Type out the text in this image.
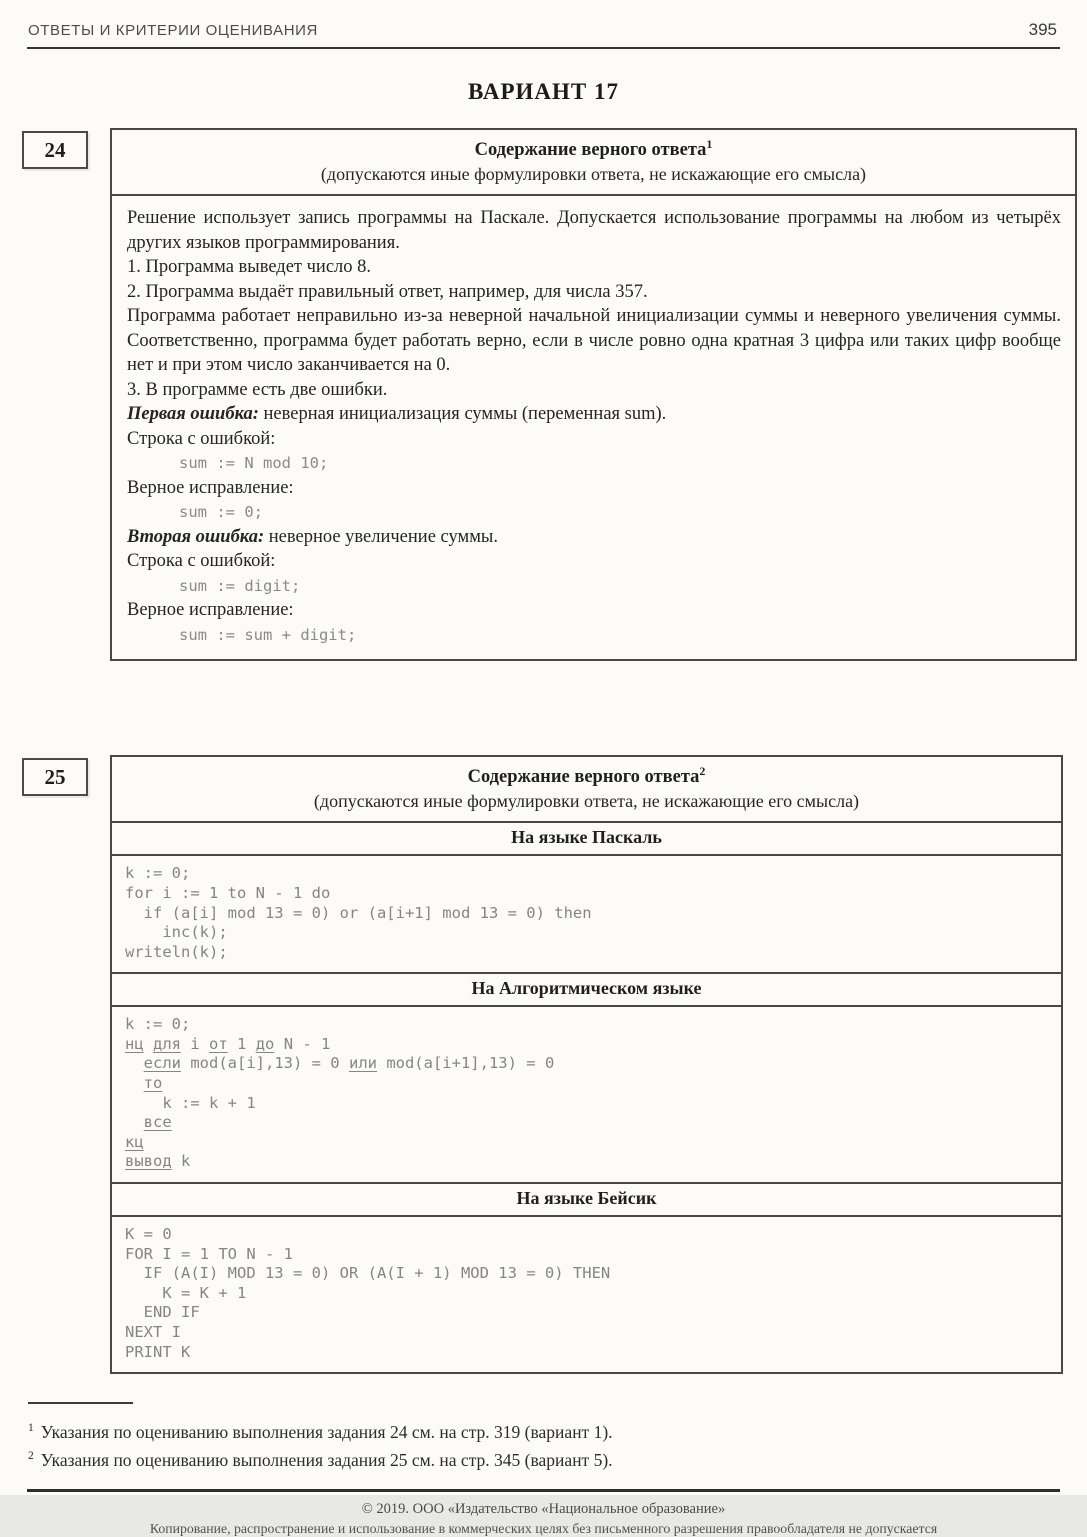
ОТВЕТЫ И КРИТЕРИИ ОЦЕНИВАНИЯ	395
ВАРИАНТ 17
24	Содержание верного ответа$^1$
(допускаются иные формулировки ответа, не искажающие его смысла)

Решение использует запись программы на Паскале. Допускается использование программы на любом из четырёх других языков программирования.

1. Программа выведет число 8.

2. Программа выдаёт правильный ответ, например, для числа 357.

Программа работает неправильно из-за неверной начальной инициализации суммы и неверного увеличения суммы. Соответственно, программа будет работать верно, если в числе ровно одна кратная 3 цифра или таких цифр вообще нет и при этом число заканчивается на 0.

3. В программе есть две ошибки.

Первая ошибка: неверная инициализация суммы (переменная sum).

Строка с ошибкой:

sum := N mod 10;

Верное исправление:

sum := 0;

Вторая ошибка: неверное увеличение суммы.

Строка с ошибкой:

sum := digit;

Верное исправление:

sum := sum + digit;
25	Содержание верного ответа$^2$
(допускаются иные формулировки ответа, не искажающие его смысла)
На языке Паскаль
k := 0;
for i := 1 to N - 1 do
if (a[i] mod 13 = 0) or (a[i+1] mod 13 = 0) then
inc(k);
writeln(k);
На Алгоритмическом языке
k := 0;
нц для i от 1 до N - 1
если mod(a[i],13) = 0 или mod(a[i+1],13) = 0
то
k := k + 1
все
кц
вывод k
На языке Бейсик
K = 0
FOR I = 1 TO N - 1
IF (A(I) MOD 13 = 0) OR (A(I + 1) MOD 13 = 0) THEN
K = K + 1
END IF
NEXT I
PRINT K
$^1$ Указания по оцениванию выполнения задания 24 см. на стр. 319 (вариант 1).
$^2$ Указания по оцениванию выполнения задания 25 см. на стр. 345 (вариант 5).
© 2019. ООО «Издательство «Национальное образование»
Копирование, распространение и использование в коммерческих целях без письменного разрешения правообладателя не допускается
